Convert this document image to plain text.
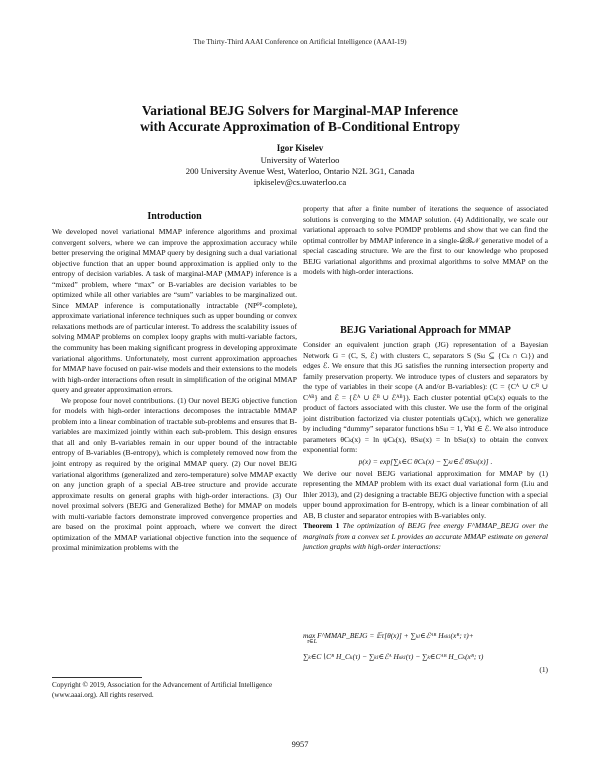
The Thirty-Third AAAI Conference on Artificial Intelligence (AAAI-19)
Variational BEJG Solvers for Marginal-MAP Inference
with Accurate Approximation of B-Conditional Entropy
Igor Kiselev
University of Waterloo
200 University Avenue West, Waterloo, Ontario N2L 3G1, Canada
ipkiselev@cs.uwaterloo.ca
Introduction

We developed novel variational MMAP inference algorithms and proximal convergent solvers, where we can improve the approximation accuracy while better preserving the original MMAP query by designing such a dual variational objective function that an upper bound approximation is applied only to the entropy of decision variables. A task of marginal-MAP (MMAP) inference is a “mixed” problem, where “max” or B-variables are decision variables to be optimized while all other variables are “sum” variables to be marginalized out. Since MMAP inference is computationally intractable (NPᴾᴾ-complete), approximate variational inference techniques such as upper bounding or convex relaxations methods are of particular interest. To address the scalability issues of solving MMAP problems on complex loopy graphs with multi-variable factors, the community has been making significant progress in developing approximate variational algorithms. Unfortunately, most current approximation approaches for MMAP have focused on pair-wise models and their extensions to the models with high-order interactions often result in simplification of the original MMAP query and greater approximation errors.

We propose four novel contributions. (1) Our novel BEJG objective function for models with high-order interactions decomposes the intractable MMAP problem into a linear combination of tractable sub-problems and ensures that B-variables are maximized jointly within each sub-problem. This design ensures that all and only B-variables remain in our upper bound of the intractable entropy of B-variables (B-entropy), which is completely removed now from the joint entropy as required by the original MMAP query. (2) Our novel BEJG variational algorithms (generalized and zero-temperature) solve MMAP exactly on any junction graph of a special AB-tree structure and provide accurate approximate results on general graphs with high-order interactions. (3) Our novel proximal solvers (BEJG and Generalized Bethe) for MMAP on models with multi-variable factors demonstrate improved convergence properties and are based on the proximal point approach, where we convert the direct optimization of the MMAP variational objective function into the sequence of proximal minimization problems with the

property that after a finite number of iterations the sequence of associated solutions is converging to the MMAP solution. (4) Additionally, we scale our variational approach to solve POMDP problems and show that we can find the optimal controller by MMAP inference in a single-𝒟ℬ𝒩 generative model of a special cascading structure. We are the first to our knowledge who proposed BEJG variational algorithms and proximal algorithms to solve MMAP on the models with high-order interactions.

BEJG Variational Approach for MMAP

Consider an equivalent junction graph (JG) representation of a Bayesian Network G = (C, S, ℰ) with clusters C, separators S (Sₖₗ ⊆ {Cₖ ∩ Cₗ}) and edges ℰ. We ensure that this JG satisfies the running intersection property and family preservation property. We introduce types of clusters and separators by the type of variables in their scope (A and/or B-variables): (C = {Cᴬ ∪ Cᴮ ∪ Cᴬᴮ} and ℰ = {ℰᴬ ∪ ℰᴮ ∪ ℰᴬᴮ}). Each cluster potential ψCₖ(x) equals to the product of factors associated with this cluster. We use the form of the original joint distribution factorized via cluster potentials ψCₖ(x), which we generalize by including “dummy” separator functions bSₖₗ = 1, ∀kl ∈ ℰ. We also introduce parameters θCₖ(x) = ln ψCₖ(x), θSₖₗ(x) = ln bSₖₗ(x) to obtain the convex exponential form:

p(x) = exp[∑ₖ∈C θCₖ(x) − ∑ₖₗ∈ℰ θSₖₗ(x)] .

We derive our novel BEJG variational approximation for MMAP by (1) representing the MMAP problem with its exact dual variational form (Liu and Ihler 2013), and (2) designing a tractable BEJG objective function with a special upper bound approximation for B-entropy, which is a linear combination of all AB, B cluster and separator entropies with B-variables only.

Theorem 1 The optimization of BEJG free energy F^MMAP_BEJG over the marginals from a convex set L provides an accurate MMAP estimate on general junction graphs with high-order interactions:

max F^MMAP_BEJG = 𝔼τ[θ(x)] + ∑ₖₗ∈ℰᴬᴮ Hₛₖₗ(xᴮ; τ)+
τ∈L
∑ₖ∈C∖Cᴮ H_Cₖ(τ) − ∑ₖₗ∈ℰᴬ Hₛₖₗ(τ) − ∑ₖ∈Cᴬᴮ H_Cₖ(xᴮ; τ)
(1)
Copyright © 2019, Association for the Advancement of Artificial Intelligence (www.aaai.org). All rights reserved.
9957
